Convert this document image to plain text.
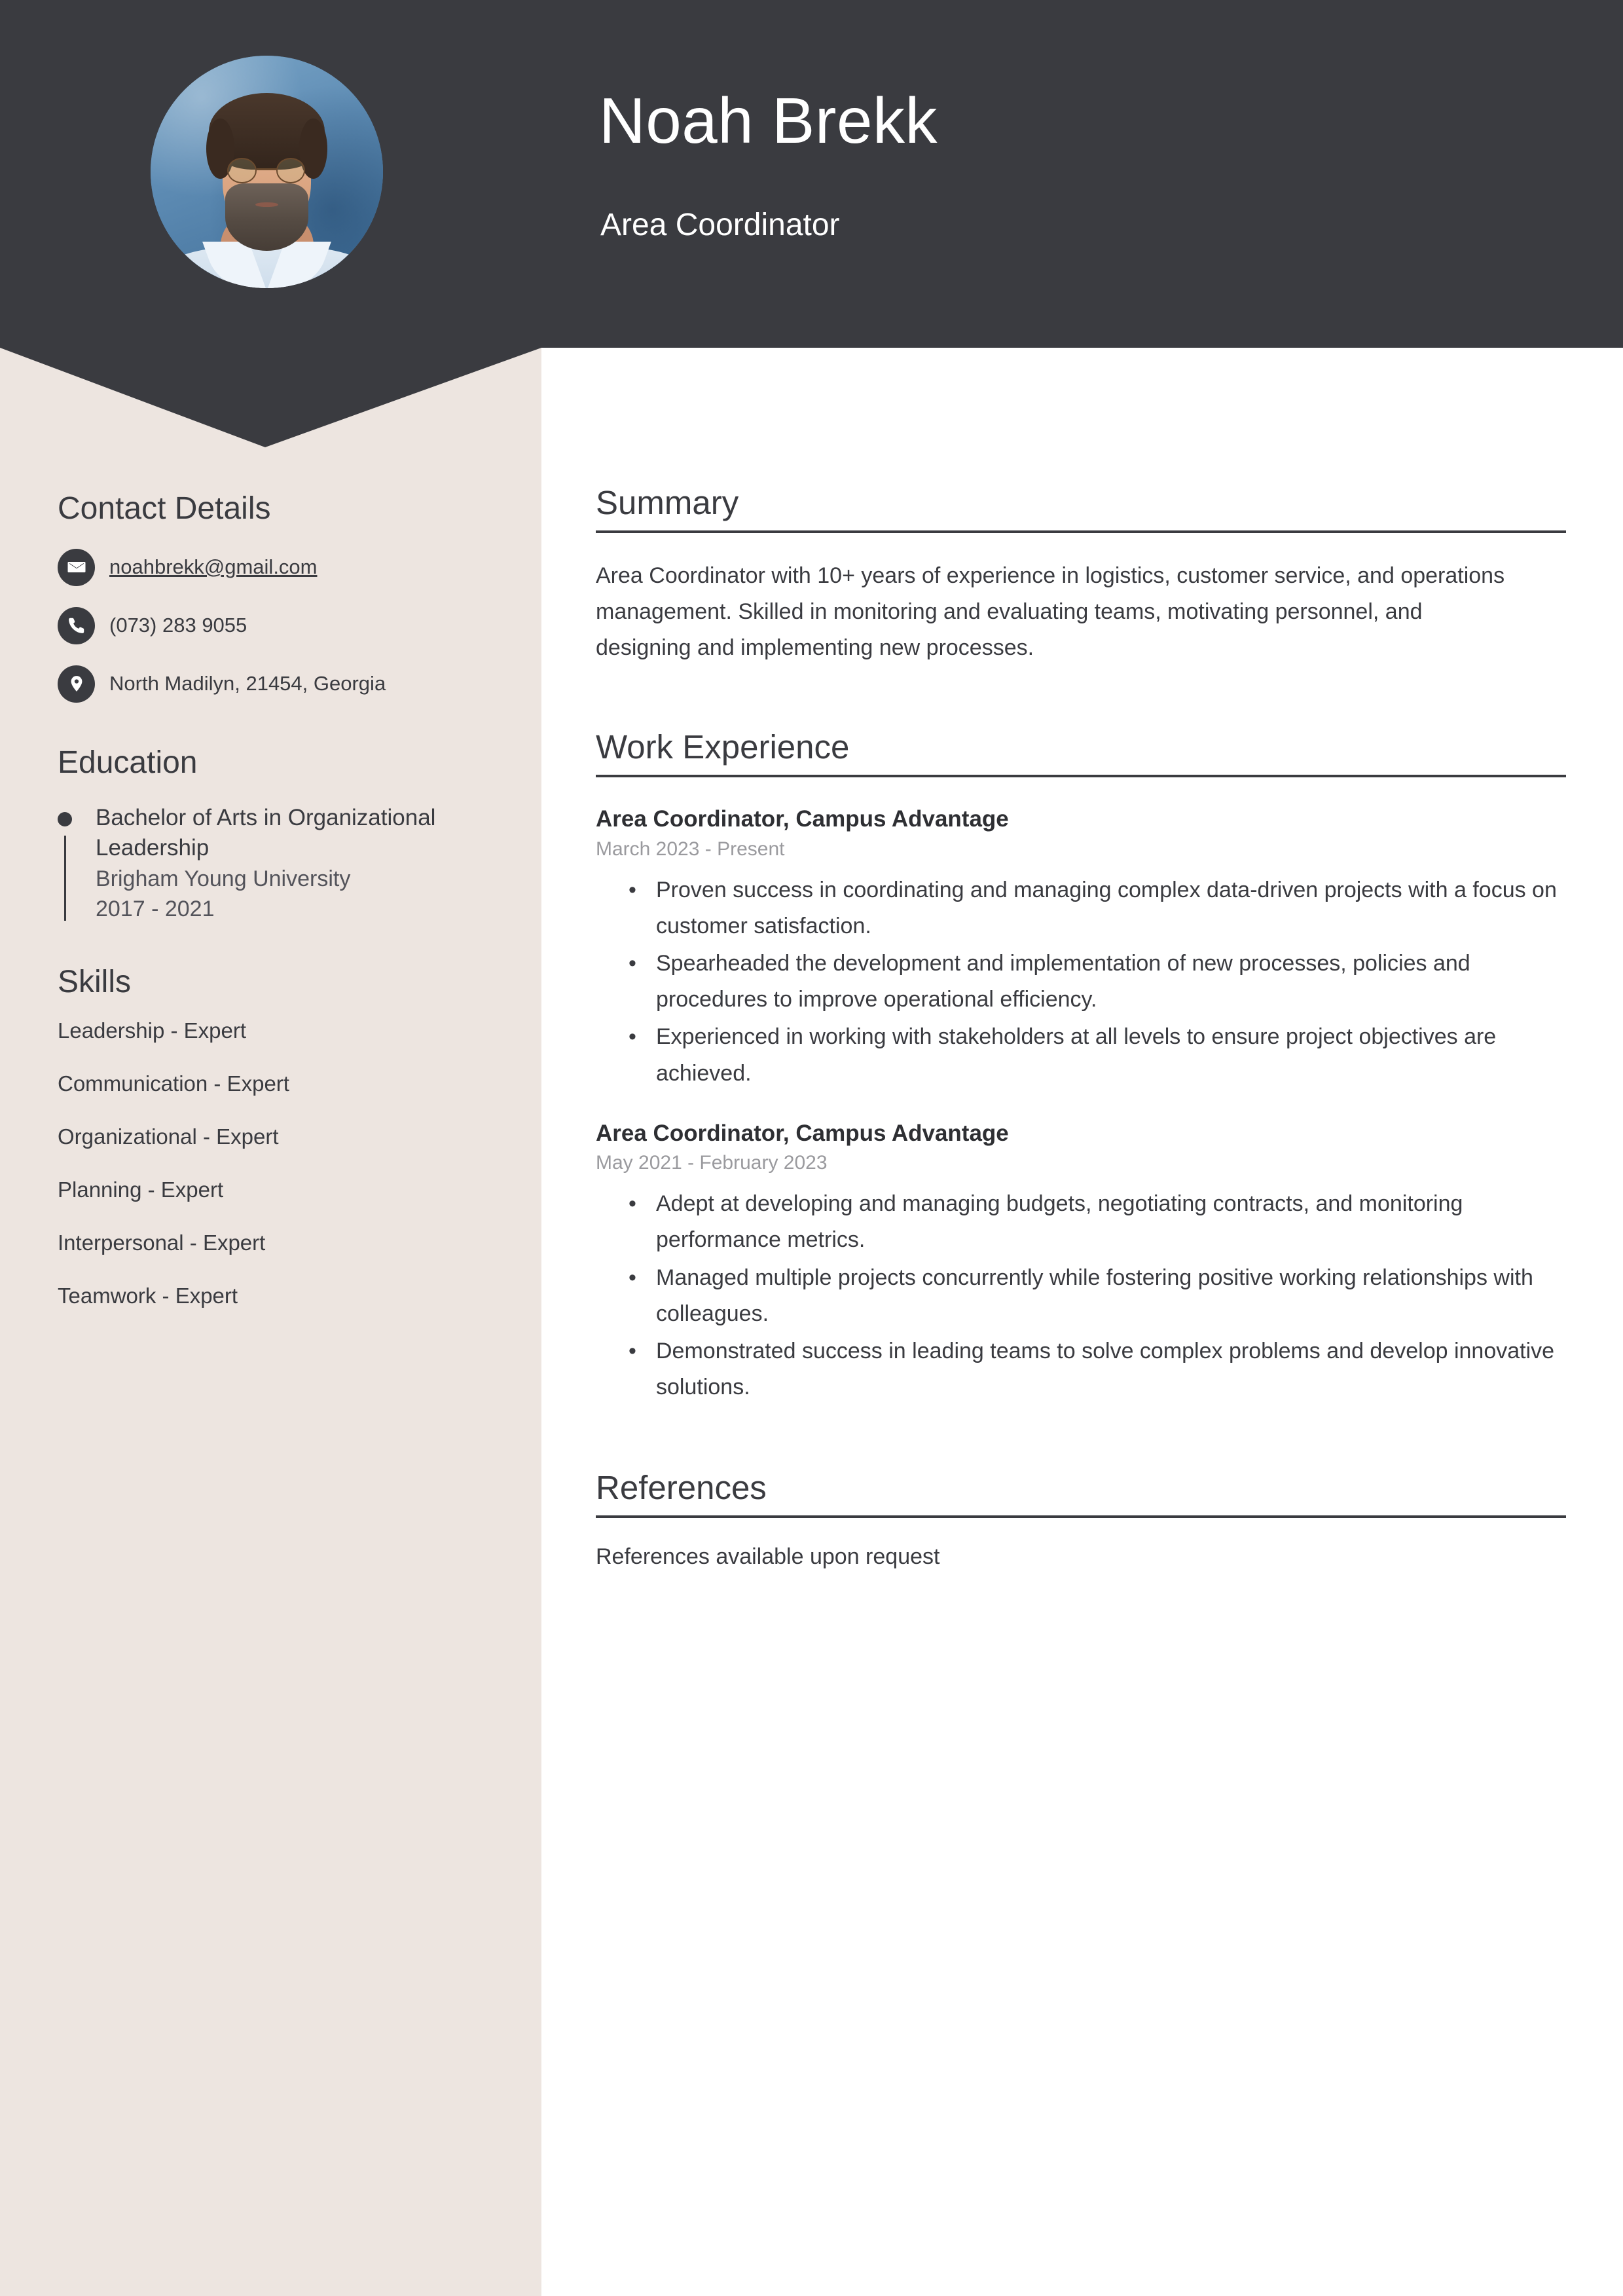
Noah Brekk
Area Coordinator
Contact Details
noahbrekk@gmail.com
(073) 283 9055
North Madilyn, 21454, Georgia
Education
Bachelor of Arts in Organizational Leadership
Brigham Young University
2017 - 2021
Skills
Leadership - Expert
Communication - Expert
Organizational - Expert
Planning - Expert
Interpersonal - Expert
Teamwork - Expert
Summary
Area Coordinator with 10+ years of experience in logistics, customer service, and operations management. Skilled in monitoring and evaluating teams, motivating personnel, and designing and implementing new processes.
Work Experience
Area Coordinator, Campus Advantage
March 2023 - Present
• Proven success in coordinating and managing complex data-driven projects with a focus on customer satisfaction.
• Spearheaded the development and implementation of new processes, policies and procedures to improve operational efficiency.
• Experienced in working with stakeholders at all levels to ensure project objectives are achieved.
Area Coordinator, Campus Advantage
May 2021 - February 2023
• Adept at developing and managing budgets, negotiating contracts, and monitoring performance metrics.
• Managed multiple projects concurrently while fostering positive working relationships with colleagues.
• Demonstrated success in leading teams to solve complex problems and develop innovative solutions.
References
References available upon request
